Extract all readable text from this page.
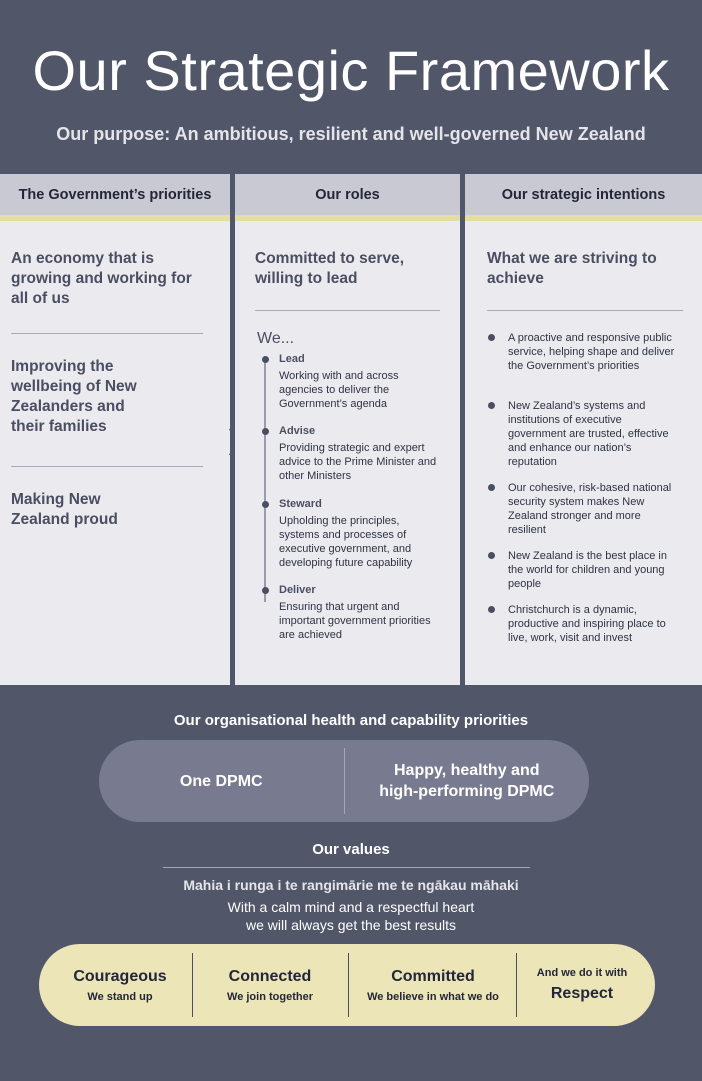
Our Strategic Framework
Our purpose: An ambitious, resilient and well-governed New Zealand
The Government’s priorities
An economy that is growing and working for all of us
Improving the wellbeing of New Zealanders and their families
Making New Zealand proud
Our roles
Committed to serve, willing to lead
We...
Lead
Working with and across agencies to deliver the Government’s agenda
Advise
Providing strategic and expert advice to the Prime Minister and other Ministers
Steward
Upholding the principles, systems and processes of executive government, and developing future capability
Deliver
Ensuring that urgent and important government priorities are achieved
Our strategic intentions
What we are striving to achieve
A proactive and responsive public service, helping shape and deliver the Government’s priorities
New Zealand’s systems and institutions of executive government are trusted, effective and enhance our nation’s reputation
Our cohesive, risk-based national security system makes New Zealand stronger and more resilient
New Zealand is the best place in the world for children and young people
Christchurch is a dynamic, productive and inspiring place to live, work, visit and invest
Our organisational health and capability priorities
One DPMC
Happy, healthy and
high-performing DPMC
Our values
Mahia i runga i te rangimārie me te ngākau māhaki
With a calm mind and a respectful heart
we will always get the best results
Courageous
We stand up
Connected
We join together
Committed
We believe in what we do
And we do it with
Respect
